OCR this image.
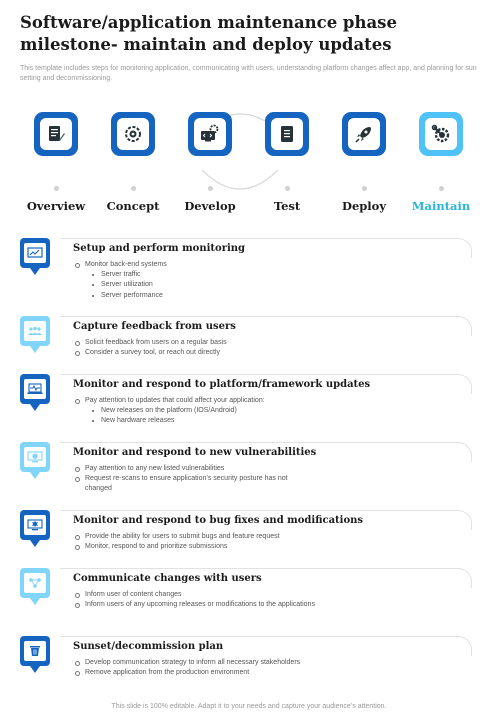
Software/application maintenance phase milestone- maintain and deploy updates
This template includes steps for monitoring application, communicating with users, understanding platform changes affect app, and planning for sun setting and decommissioning.
Overview	Concept	Develop	Test	Deploy	Maintain
Setup and perform monitoring
Monitor back-end systems
Server traffic
Server utilization
Server performance
Capture feedback from users
Solicit feedback from users on a regular basis
Consider a survey tool, or reach out directly
Monitor and respond to platform/framework updates
Pay attention to updates that could affect your application:
New releases on the platform (IOS/Android)
New hardware releases
Monitor and respond to new vulnerabilities
Pay attention to any new listed vulnerabilities
Request re-scans to ensure application’s security posture has not changed
Monitor and respond to bug fixes and modifications
Provide the ability for users to submit bugs and feature request
Monitor, respond to and prioritize submissions
Communicate changes with users
Inform user of content changes
Inform users of any upcoming releases or modifications to the applications
Sunset/decommission plan
Develop communication strategy to inform all necessary stakeholders
Remove application from the production environment
This slide is 100% editable. Adapt it to your needs and capture your audience’s attention.
